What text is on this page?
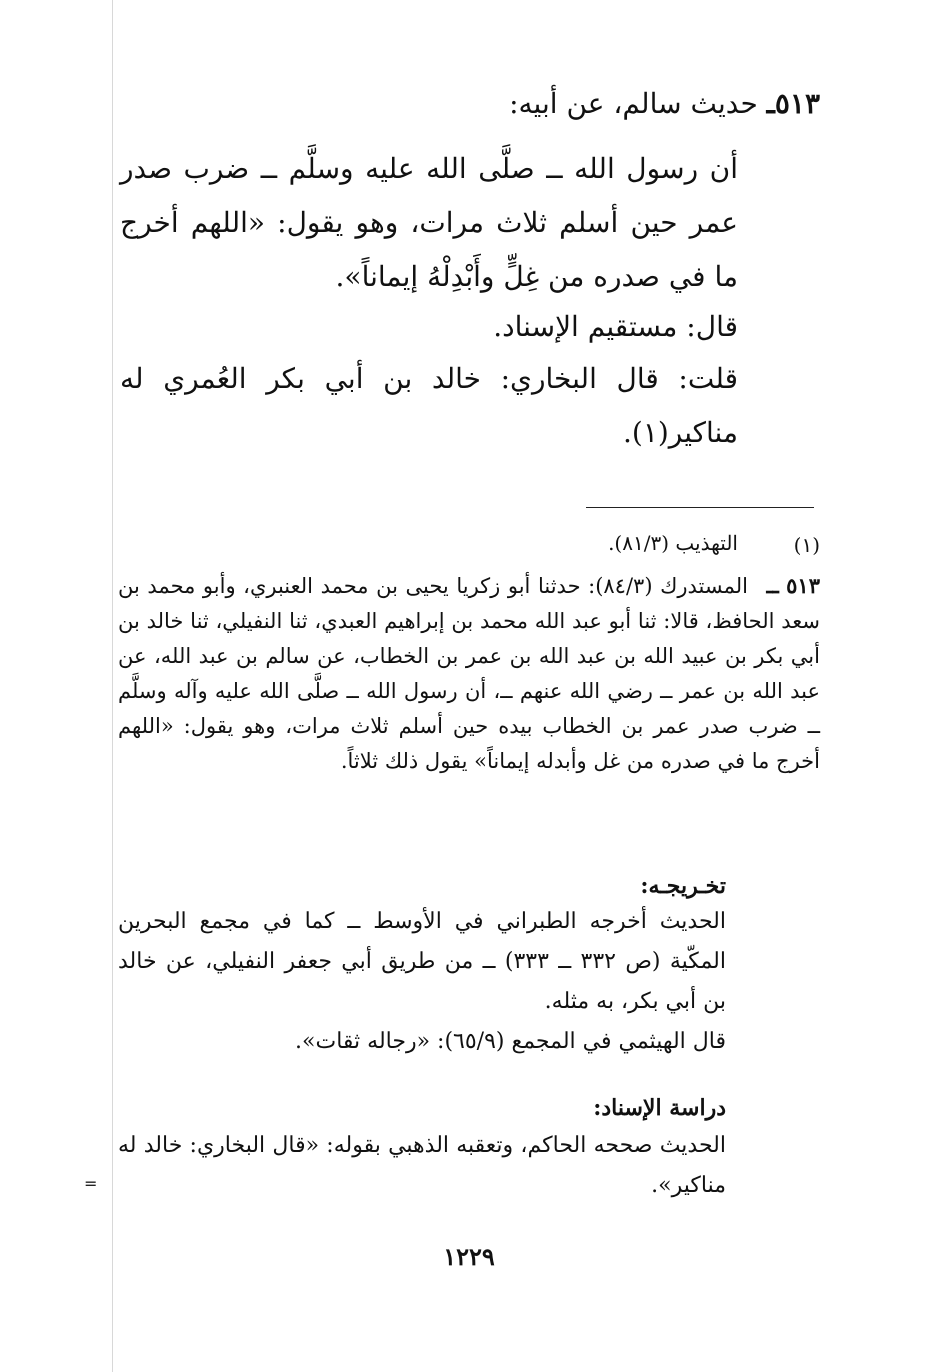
=
٥١٣ـ حديث سالم، عن أبيه:
أن رسول الله ــ صلَّى الله عليه وسلَّم ــ ضرب صدر عمر حين أسلم ثلاث مرات، وهو يقول: «اللهم أخرج ما في صدره من غِلٍّ وأَبْدِلْهُ إيماناً».
قال: مستقيم الإسناد.
قلت: قال البخاري: خالد بن أبي بكر العُمري له مناكير(١).
(١)
التهذيب (٨١/٣).
٥١٣ ــالمستدرك (٨٤/٣): حدثنا أبو زكريا يحيى بن محمد العنبري، وأبو محمد بن سعد الحافظ، قالا: ثنا أبو عبد الله محمد بن إبراهيم العبدي، ثنا النفيلي، ثنا خالد بن أبي بكر بن عبيد الله بن عبد الله بن عمر بن الخطاب، عن سالم بن عبد الله، عن عبد الله بن عمر ــ رضي الله عنهم ــ، أن رسول الله ــ صلَّى الله عليه وآله وسلَّم ــ ضرب صدر عمر بن الخطاب بيده حين أسلم ثلاث مرات، وهو يقول: «اللهم أخرج ما في صدره من غل وأبدله إيماناً» يقول ذلك ثلاثاً.
تخـريجـه:
الحديث أخرجه الطبراني في الأوسط ــ كما في مجمع البحرين المكّية (ص ٣٣٢ ــ ٣٣٣) ــ من طريق أبي جعفر النفيلي، عن خالد بن أبي بكر، به مثله.
قال الهيثمي في المجمع (٦٥/٩): «رجاله ثقات».
دراسة الإسناد:
الحديث صححه الحاكم، وتعقبه الذهبي بقوله: «قال البخاري: خالد له مناكير».
١٢٢٩
